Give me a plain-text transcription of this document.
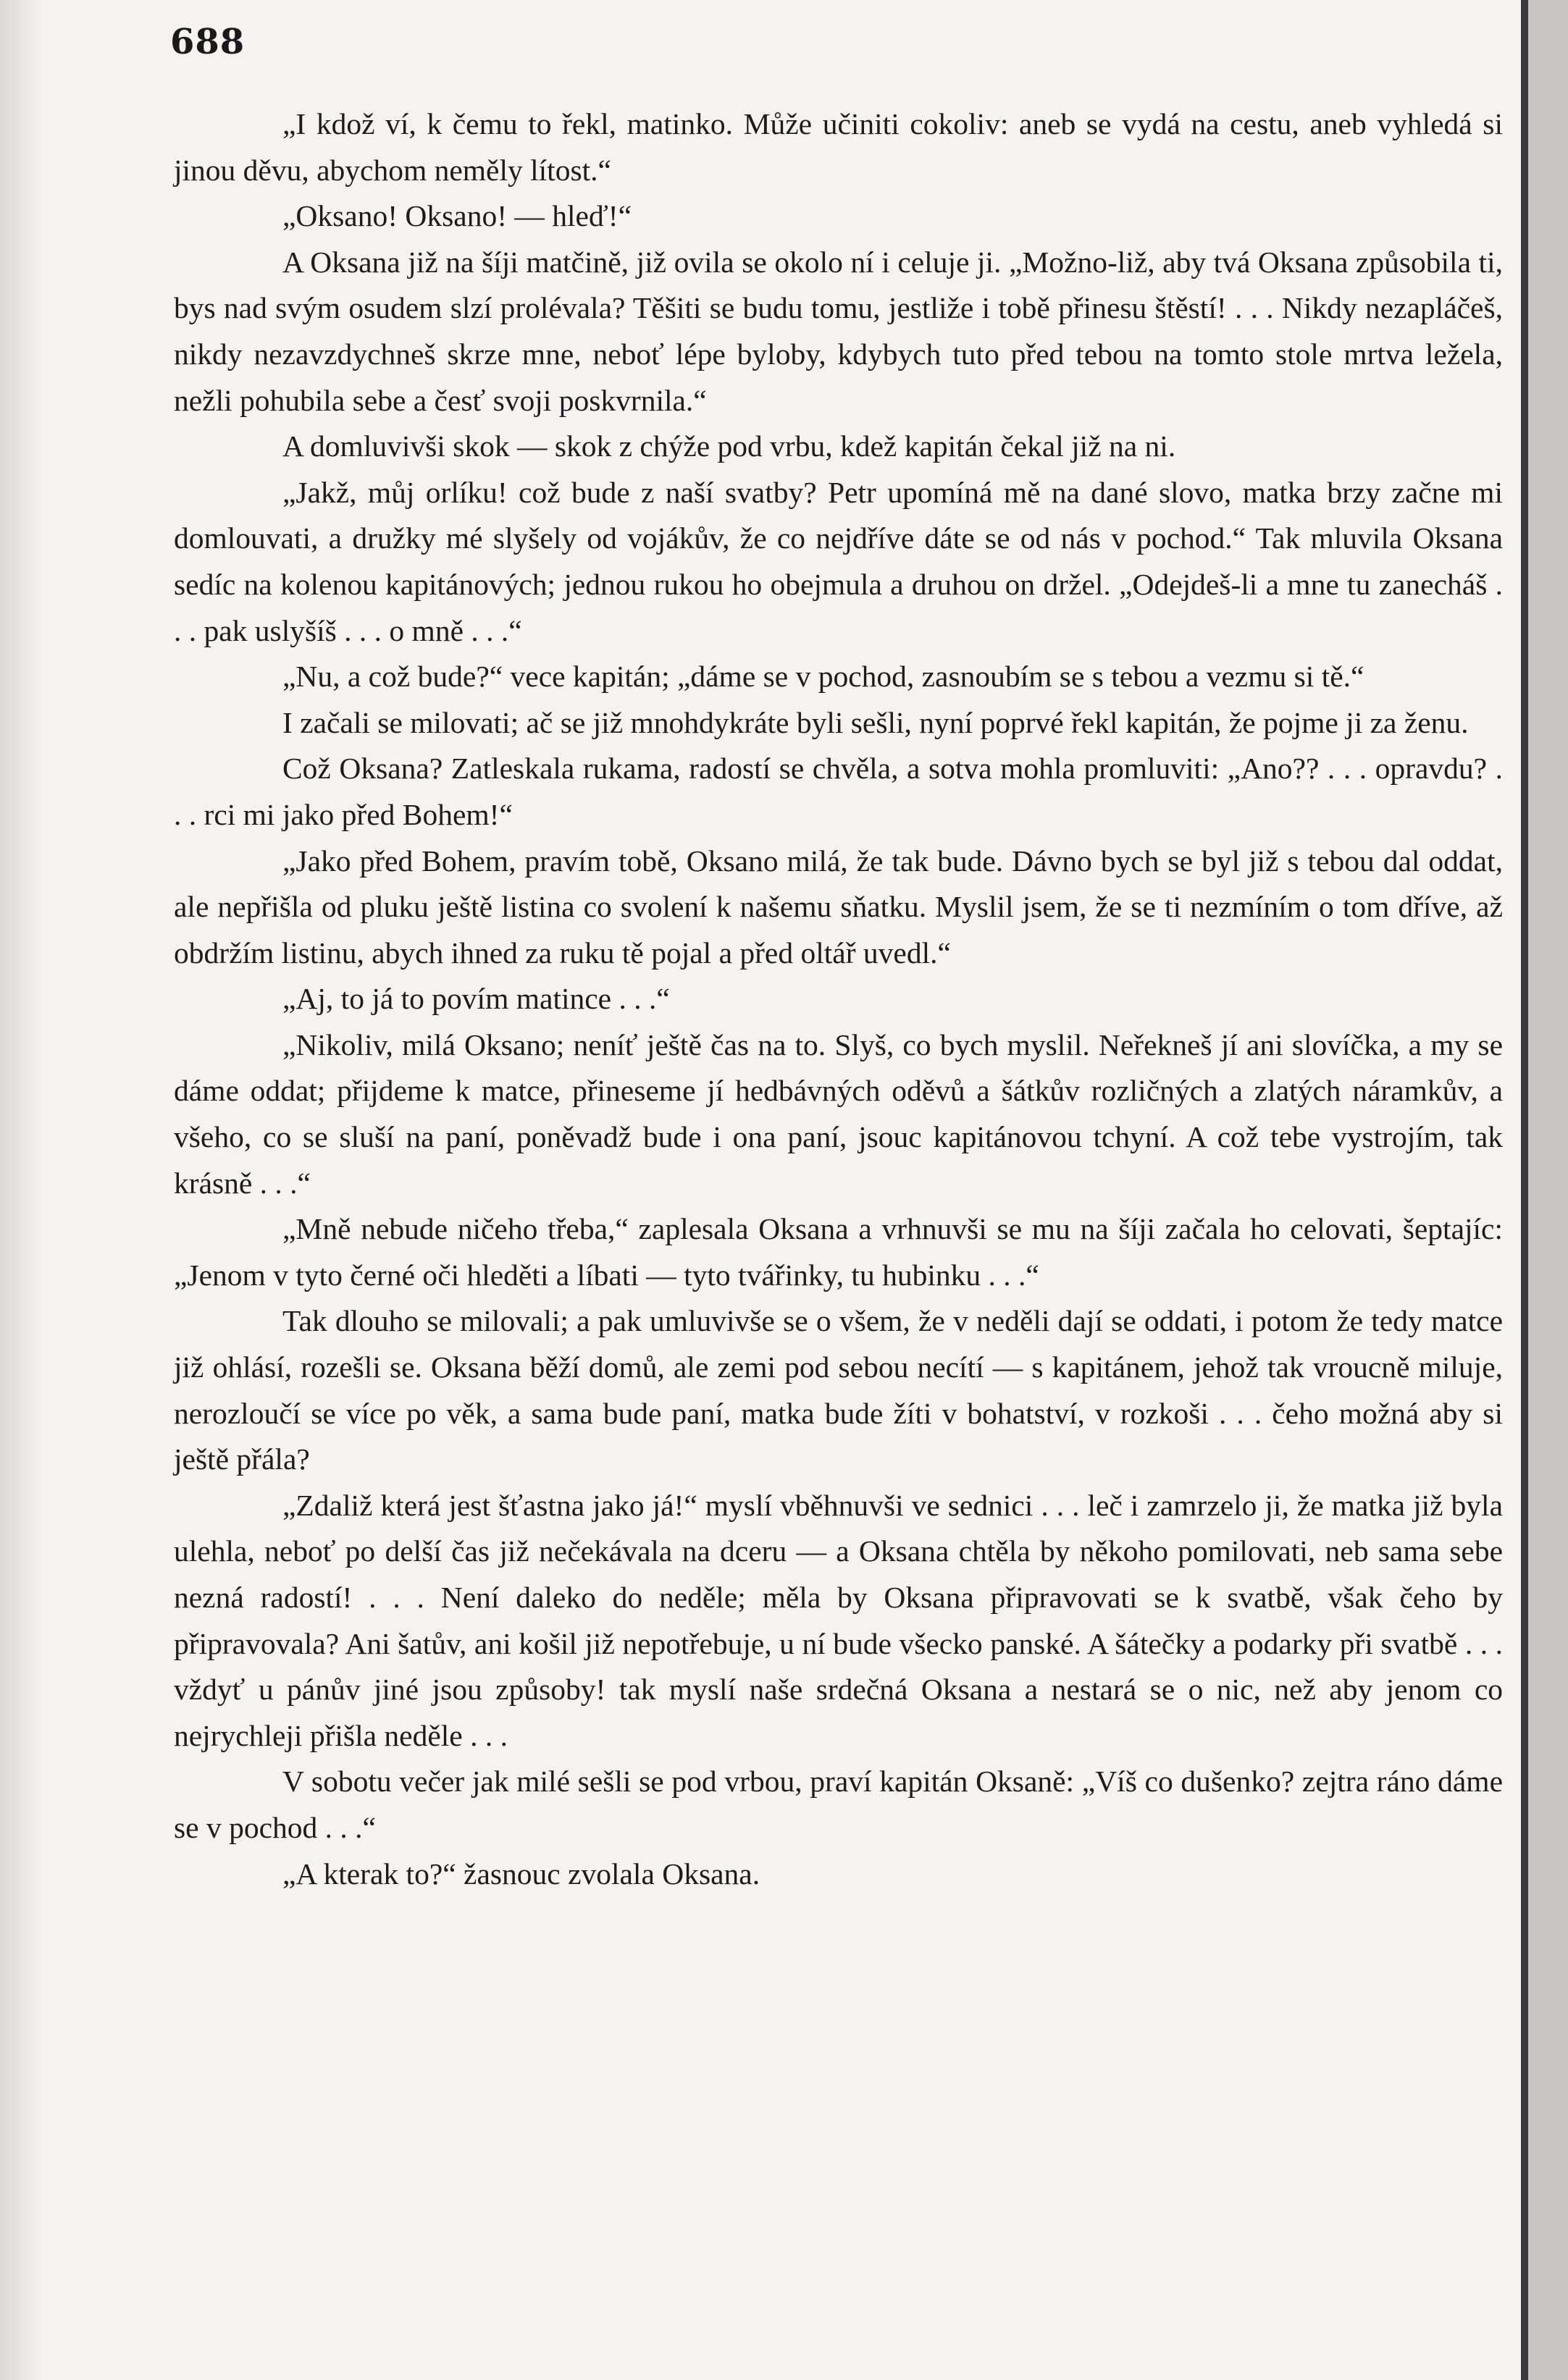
688

„I kdož ví, k čemu to řekl, matinko. Může učiniti cokoliv: aneb se vydá na cestu, aneb vyhledá si jinou děvu, abychom neměly lítost.“

„Oksano! Oksano! — hleď!“

A Oksana již na šíji matčině, již ovila se okolo ní i celuje ji. „Možno-liž, aby tvá Oksana způsobila ti, bys nad svým osudem slzí prolévala? Těšiti se budu tomu, jestliže i tobě přinesu štěstí! . . . Nikdy nezapláčeš, nikdy nezavzdychneš skrze mne, neboť lépe byloby, kdybych tuto před tebou na tomto stole mrtva ležela, nežli pohubila sebe a česť svoji poskvrnila.“

A domluvivši skok — skok z chýže pod vrbu, kdež kapitán čekal již na ni.

„Jakž, můj orlíku! což bude z naší svatby? Petr upomíná mě na dané slovo, matka brzy začne mi domlouvati, a družky mé slyšely od vojákův, že co nejdříve dáte se od nás v pochod.“ Tak mluvila Oksana sedíc na kolenou kapitánových; jednou rukou ho obejmula a druhou on držel. „Odejdeš-li a mne tu zanecháš . . . pak uslyšíš . . . o mně . . .“

„Nu, a což bude?“ vece kapitán; „dáme se v pochod, zasnoubím se s tebou a vezmu si tě.“

I začali se milovati; ač se již mnohdykráte byli sešli, nyní poprvé řekl kapitán, že pojme ji za ženu.

Což Oksana? Zatleskala rukama, radostí se chvěla, a sotva mohla promluviti: „Ano?? . . . opravdu? . . . rci mi jako před Bohem!“

„Jako před Bohem, pravím tobě, Oksano milá, že tak bude. Dávno bych se byl již s tebou dal oddat, ale nepřišla od pluku ještě listina co svolení k našemu sňatku. Myslil jsem, že se ti nezmíním o tom dříve, až obdržím listinu, abych ihned za ruku tě pojal a před oltář uvedl.“

„Aj, to já to povím matince . . .“

„Nikoliv, milá Oksano; neníť ještě čas na to. Slyš, co bych myslil. Neřekneš jí ani slovíčka, a my se dáme oddat; přijdeme k matce, přineseme jí hedbávných oděvů a šátkův rozličných a zlatých náramkův, a všeho, co se sluší na paní, poněvadž bude i ona paní, jsouc kapitánovou tchyní. A což tebe vystrojím, tak krásně . . .“

„Mně nebude ničeho třeba,“ zaplesala Oksana a vrhnuvši se mu na šíji začala ho celovati, šeptajíc: „Jenom v tyto černé oči hleděti a líbati — tyto tvářinky, tu hubinku . . .“

Tak dlouho se milovali; a pak umluvivše se o všem, že v neděli dají se oddati, i potom že tedy matce již ohlásí, rozešli se. Oksana běží domů, ale zemi pod sebou necítí — s kapitánem, jehož tak vroucně miluje, nerozloučí se více po věk, a sama bude paní, matka bude žíti v bohatství, v rozkoši . . . čeho možná aby si ještě přála?

„Zdaliž která jest šťastna jako já!“ myslí vběhnuvši ve sednici . . . leč i zamrzelo ji, že matka již byla ulehla, neboť po delší čas již nečekávala na dceru — a Oksana chtěla by někoho pomilovati, neb sama sebe nezná radostí! . . . Není daleko do neděle; měla by Oksana připravovati se k svatbě, však čeho by připravovala? Ani šatův, ani košil již nepotřebuje, u ní bude všecko panské. A šátečky a podarky při svatbě . . . vždyť u pánův jiné jsou způsoby! tak myslí naše srdečná Oksana a nestará se o nic, než aby jenom co nejrychleji přišla neděle . . .

V sobotu večer jak milé sešli se pod vrbou, praví kapitán Oksaně: „Víš co dušenko? zejtra ráno dáme se v pochod . . .“

„A kterak to?“ žasnouc zvolala Oksana.
